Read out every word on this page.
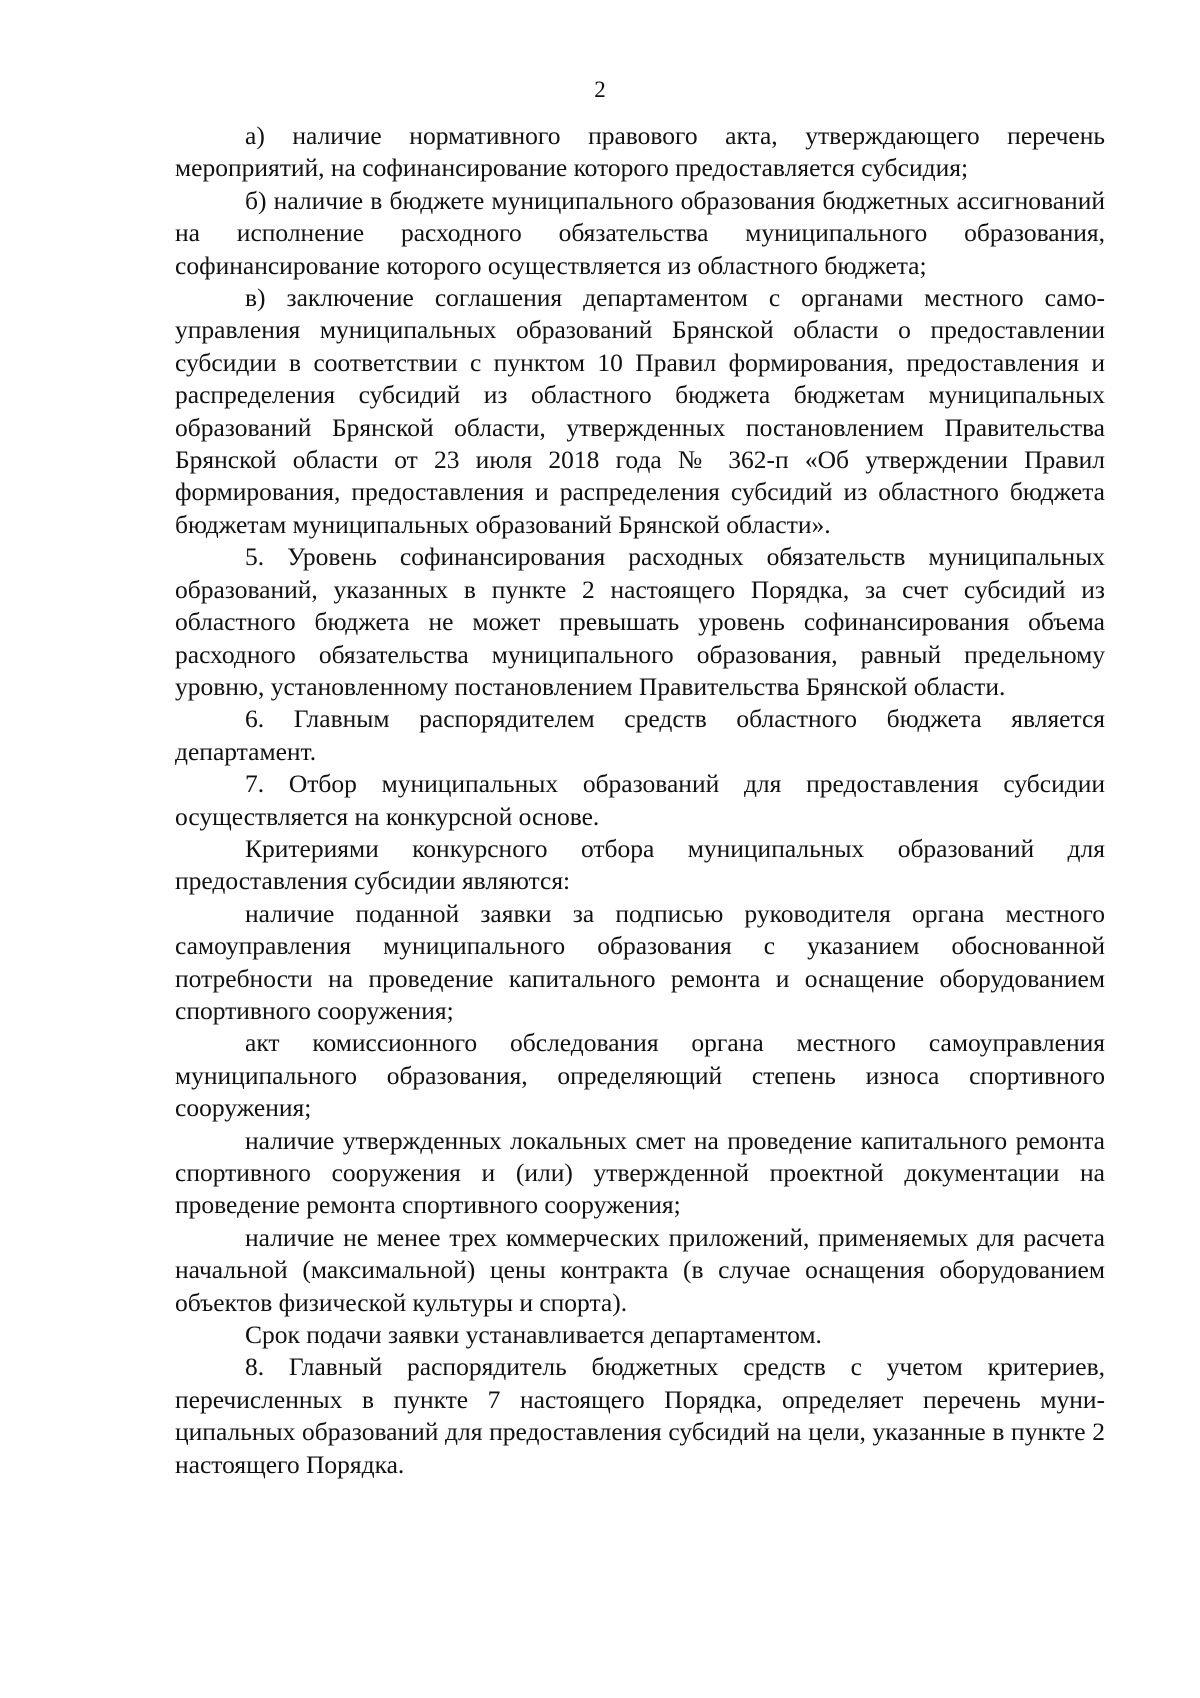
2

а) наличие нормативного правового акта, утверждающего перечень мероприятий, на софинансирование которого предоставляется субсидия;

б) наличие в бюджете муниципального образования бюджетных ассигнований на исполнение расходного обязательства муниципального образования, софинансирование которого осуществляется из областного бюджета;

в) заключение соглашения департаментом с органами местного самоуправления муниципальных образований Брянской области о предоставлении субсидии в соответствии с пунктом 10 Правил формирования, предоставления и распределения субсидий из областного бюджета бюджетам муниципальных образований Брянской области, утвержденных постановлением Правительства Брянской области от 23 июля 2018 года № 362-п «Об утверждении Правил формирования, предоставления и распределения субсидий из областного бюджета бюджетам муниципальных образований Брянской области».

5. Уровень софинансирования расходных обязательств муниципальных образований, указанных в пункте 2 настоящего Порядка, за счет субсидий из областного бюджета не может превышать уровень софинансирования объема расходного обязательства муниципального образования, равный предельному уровню, установленному постановлением Правительства Брянской области.

6. Главным распорядителем средств областного бюджета является департамент.

7. Отбор муниципальных образований для предоставления субсидии осуществляется на конкурсной основе.

Критериями конкурсного отбора муниципальных образований для предоставления субсидии являются:

наличие поданной заявки за подписью руководителя органа местного самоуправления муниципального образования с указанием обоснованной потребности на проведение капитального ремонта и оснащение оборудованием спортивного сооружения;

акт комиссионного обследования органа местного самоуправления муниципального образования, определяющий степень износа спортивного сооружения;

наличие утвержденных локальных смет на проведение капитального ремонта спортивного сооружения и (или) утвержденной проектной документации на проведение ремонта спортивного сооружения;

наличие не менее трех коммерческих приложений, применяемых для расчета начальной (максимальной) цены контракта (в случае оснащения оборудованием объектов физической культуры и спорта).

Срок подачи заявки устанавливается департаментом.

8. Главный распорядитель бюджетных средств с учетом критериев, перечисленных в пункте 7 настоящего Порядка, определяет перечень муниципальных образований для предоставления субсидий на цели, указанные в пункте 2 настоящего Порядка.
